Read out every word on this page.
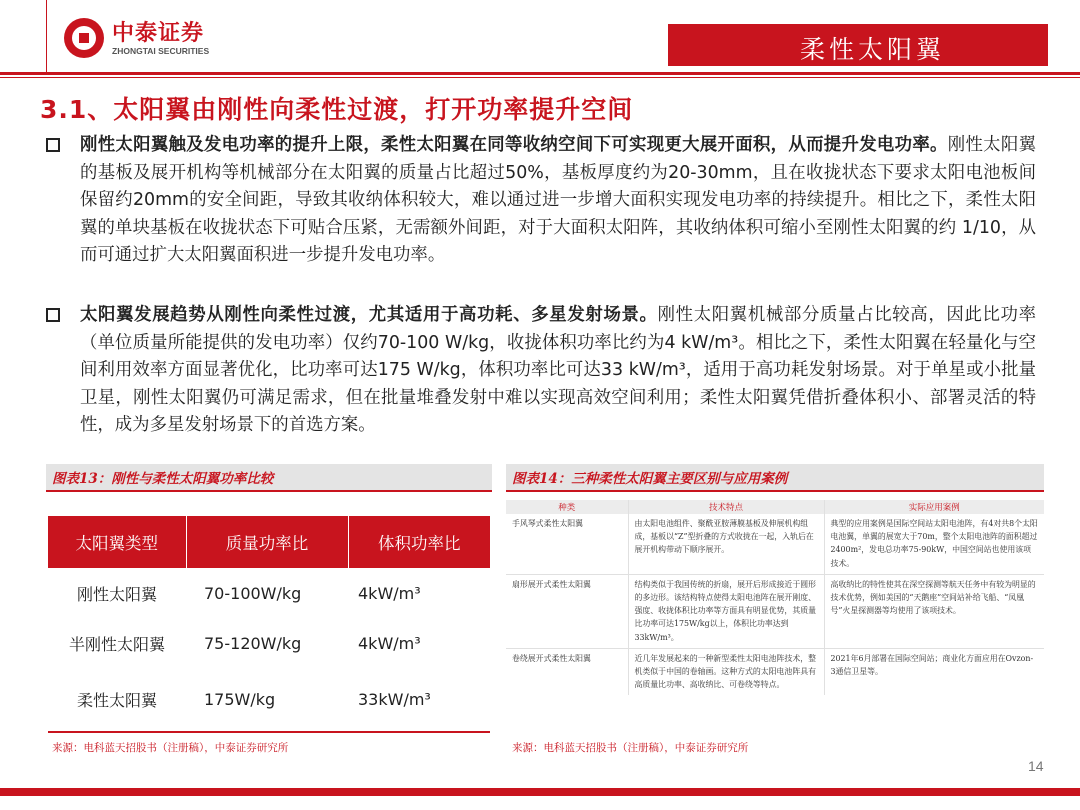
中泰证券
ZHONGTAI SECURITIES	柔性太阳翼
3.1、太阳翼由刚性向柔性过渡，打开功率提升空间

刚性太阳翼触及发电功率的提升上限，柔性太阳翼在同等收纳空间下可实现更大展开面积，从而提升发电功率。刚性太阳翼的基板及展开机构等机械部分在太阳翼的质量占比超过50%，基板厚度约为20-30mm，且在收拢状态下要求太阳电池板间保留约20mm的安全间距，导致其收纳体积较大，难以通过进一步增大面积实现发电功率的持续提升。相比之下，柔性太阳翼的单块基板在收拢状态下可贴合压紧，无需额外间距，对于大面积太阳阵，其收纳体积可缩小至刚性太阳翼的约 1/10，从而可通过扩大太阳翼面积进一步提升发电功率。

太阳翼发展趋势从刚性向柔性过渡，尤其适用于高功耗、多星发射场景。刚性太阳翼机械部分质量占比较高，因此比功率（单位质量所能提供的发电功率）仅约70-100 W/kg，收拢体积功率比约为4 kW/m³。相比之下，柔性太阳翼在轻量化与空间利用效率方面显著优化，比功率可达175 W/kg，体积功率比可达33 kW/m³，适用于高功耗发射场景。对于单星或小批量卫星，刚性太阳翼仍可满足需求，但在批量堆叠发射中难以实现高效空间利用；柔性太阳翼凭借折叠体积小、部署灵活的特性，成为多星发射场景下的首选方案。

图表13：刚性与柔性太阳翼功率比较
太阳翼类型	质量功率比	体积功率比
刚性太阳翼	70-100W/kg	4kW/m³
半刚性太阳翼	75-120W/kg	4kW/m³
柔性太阳翼	175W/kg	33kW/m³
来源：电科蓝天招股书（注册稿），中泰证券研究所
图表14：三种柔性太阳翼主要区别与应用案例
种类	技术特点	实际应用案例
手风琴式柔性太阳翼	由太阳电池组件、聚酰亚胺薄膜基板及伸展机构组成，基板以“Z”型折叠的方式收拢在一起，入轨后在展开机构带动下顺序展开。	典型的应用案例是国际空间站太阳电池阵，有4对共8个太阳电池翼，单翼的展宽大于70m，整个太阳电池阵的面积超过2400m²，发电总功率75-90kW，中国空间站也使用该项技术。
扇形展开式柔性太阳翼	结构类似于我国传统的折扇，展开后形成接近于圆形的多边形。该结构特点使得太阳电池阵在展开刚度、强度、收拢体积比功率等方面具有明显优势，其质量比功率可达175W/kg以上，体积比功率达到33kW/m³。	高收纳比的特性使其在深空探测等航天任务中有较为明显的技术优势，例如美国的“天鹅座”空间站补给飞船、“凤凰号”火星探测器等均使用了该项技术。
卷绕展开式柔性太阳翼	近几年发展起来的一种新型柔性太阳电池阵技术，整机类似于中国的卷轴画。这种方式的太阳电池阵具有高质量比功率、高收纳比、可卷绕等特点。	2021年6月部署在国际空间站；商业化方面应用在Ovzon-3通信卫星等。
来源：电科蓝天招股书（注册稿），中泰证券研究所
14
